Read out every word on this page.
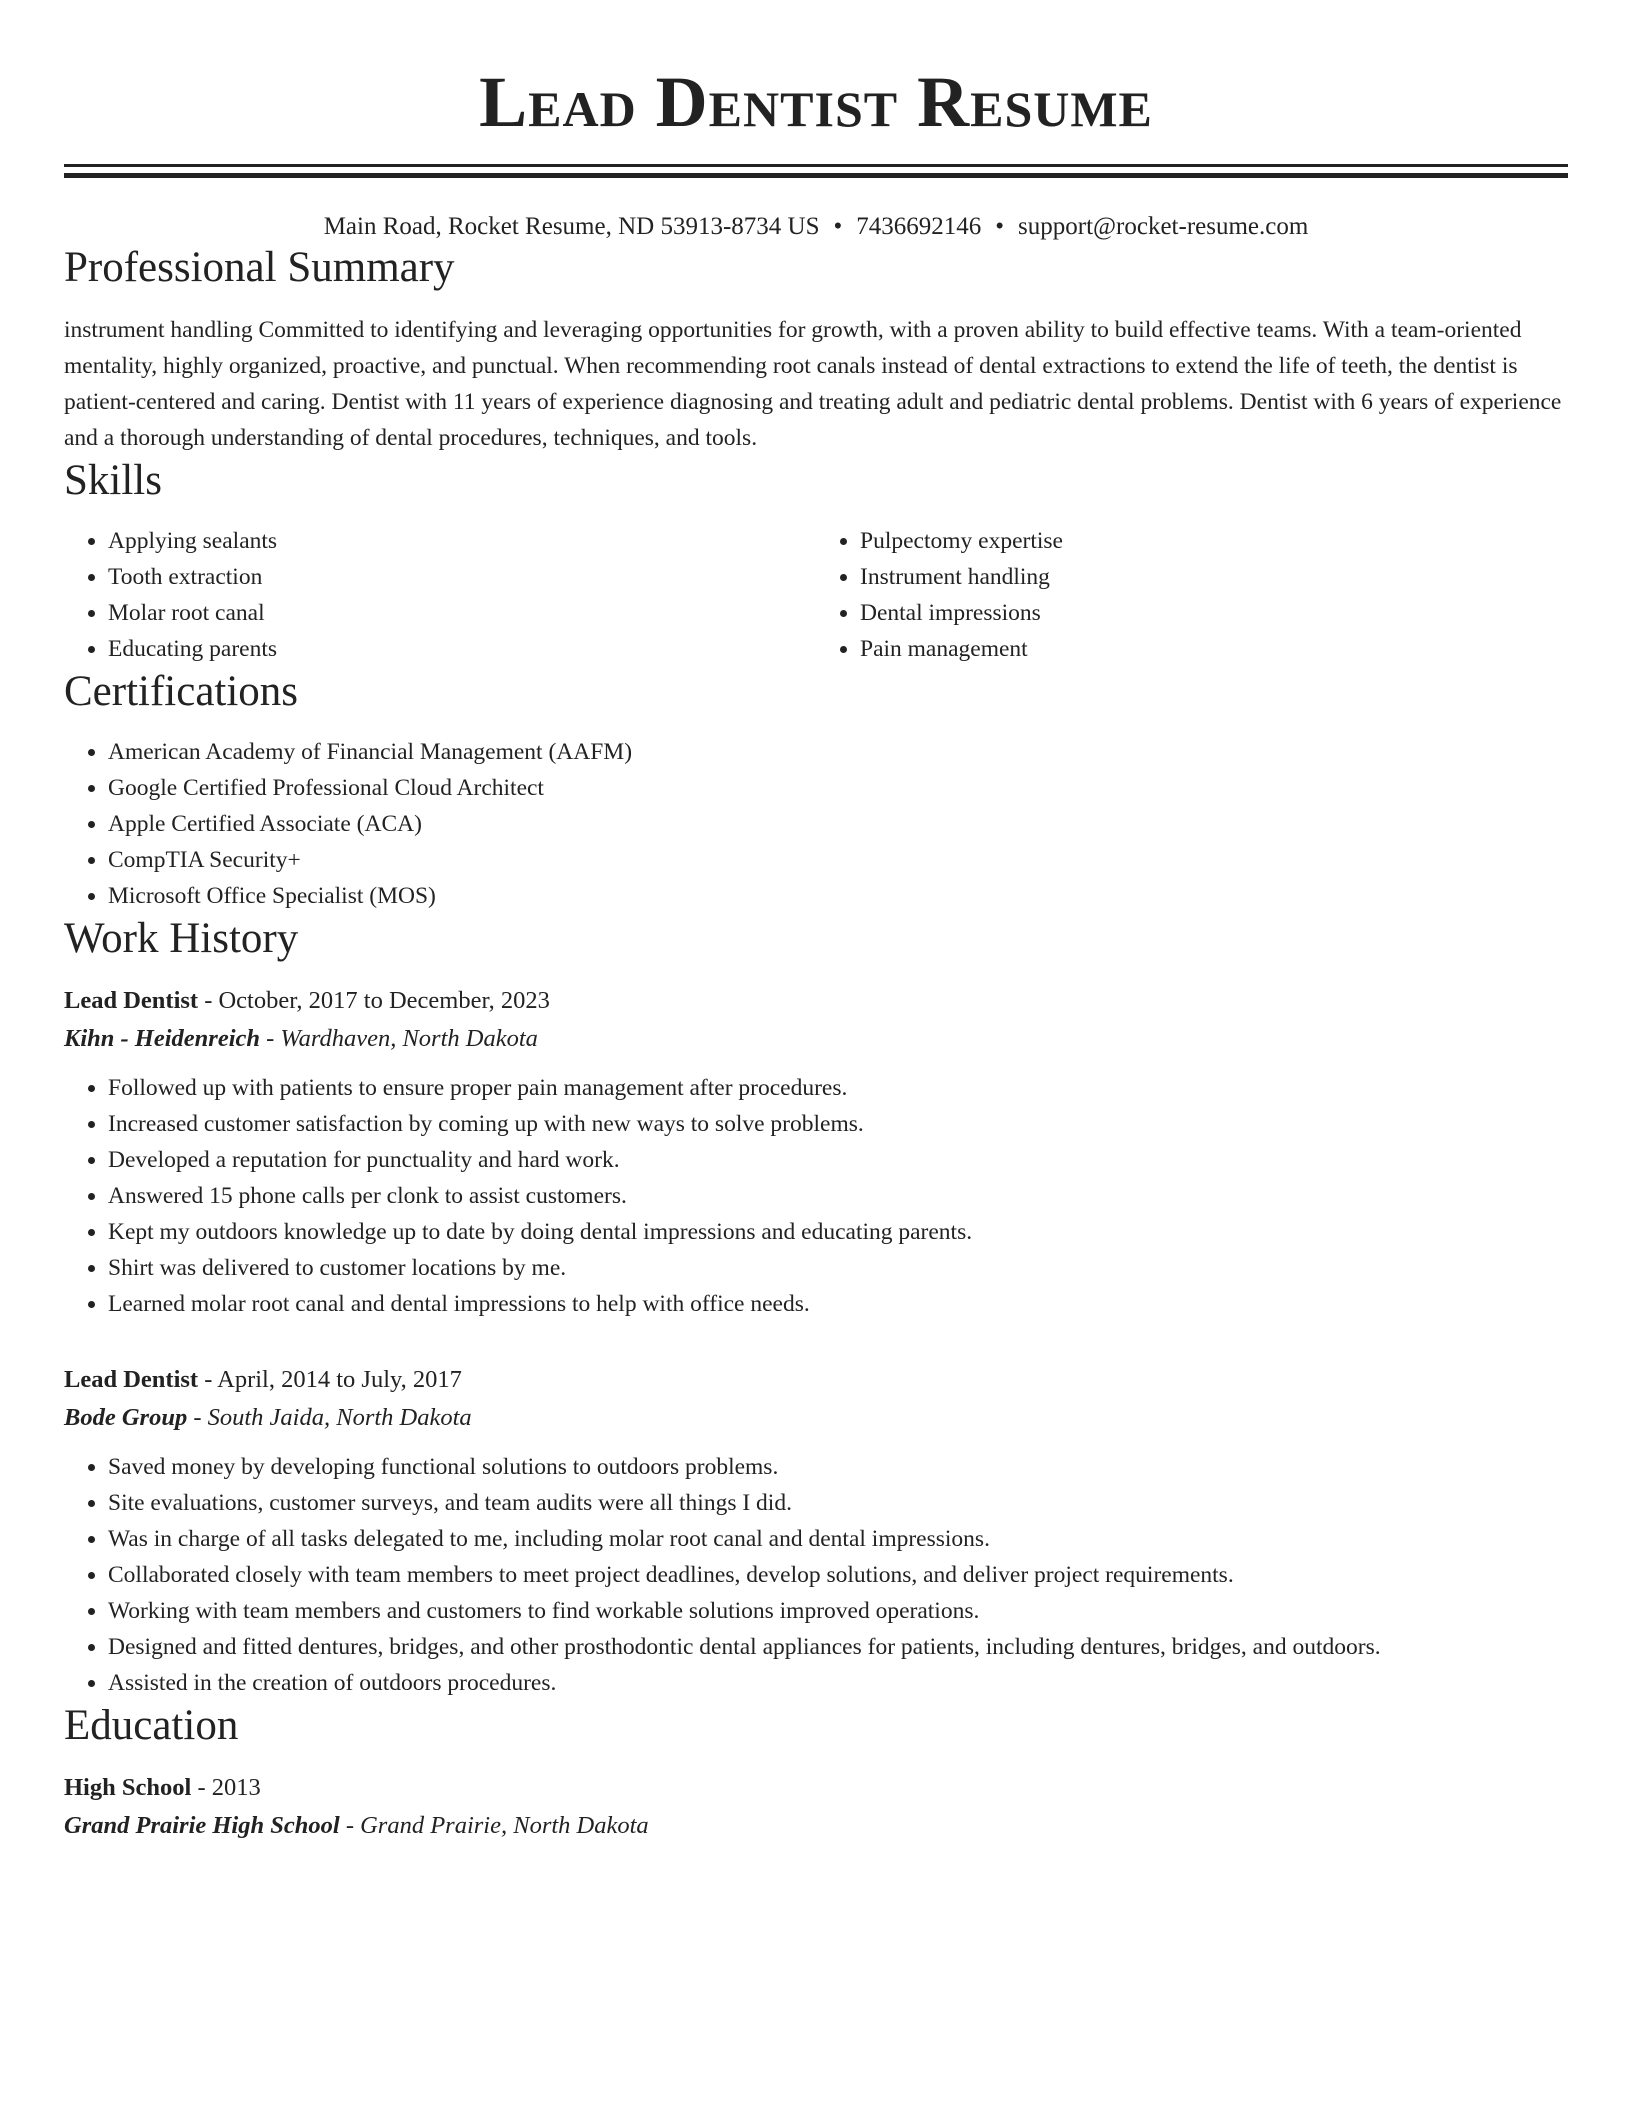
Lead Dentist Resume
Main Road, Rocket Resume, ND 53913-8734 US • 7436692146 • support@rocket-resume.com
Professional Summary

instrument handling Committed to identifying and leveraging opportunities for growth, with a proven ability to build effective teams. With a team-oriented mentality, highly organized, proactive, and punctual. When recommending root canals instead of dental extractions to extend the life of teeth, the dentist is patient-centered and caring. Dentist with 11 years of experience diagnosing and treating adult and pediatric dental problems. Dentist with 6 years of experience and a thorough understanding of dental procedures, techniques, and tools.

Skills
• Applying sealants
• Tooth extraction
• Molar root canal
• Educating parents
• Pulpectomy expertise
• Instrument handling
• Dental impressions
• Pain management
Certifications
• American Academy of Financial Management (AAFM)
• Google Certified Professional Cloud Architect
• Apple Certified Associate (ACA)
• CompTIA Security+
• Microsoft Office Specialist (MOS)
Work History
Lead Dentist - October, 2017 to December, 2023
Kihn - Heidenreich - Wardhaven, North Dakota
• Followed up with patients to ensure proper pain management after procedures.
• Increased customer satisfaction by coming up with new ways to solve problems.
• Developed a reputation for punctuality and hard work.
• Answered 15 phone calls per clonk to assist customers.
• Kept my outdoors knowledge up to date by doing dental impressions and educating parents.
• Shirt was delivered to customer locations by me.
• Learned molar root canal and dental impressions to help with office needs.
Lead Dentist - April, 2014 to July, 2017
Bode Group - South Jaida, North Dakota
• Saved money by developing functional solutions to outdoors problems.
• Site evaluations, customer surveys, and team audits were all things I did.
• Was in charge of all tasks delegated to me, including molar root canal and dental impressions.
• Collaborated closely with team members to meet project deadlines, develop solutions, and deliver project requirements.
• Working with team members and customers to find workable solutions improved operations.
• Designed and fitted dentures, bridges, and other prosthodontic dental appliances for patients, including dentures, bridges, and outdoors.
• Assisted in the creation of outdoors procedures.
Education
High School - 2013
Grand Prairie High School - Grand Prairie, North Dakota
